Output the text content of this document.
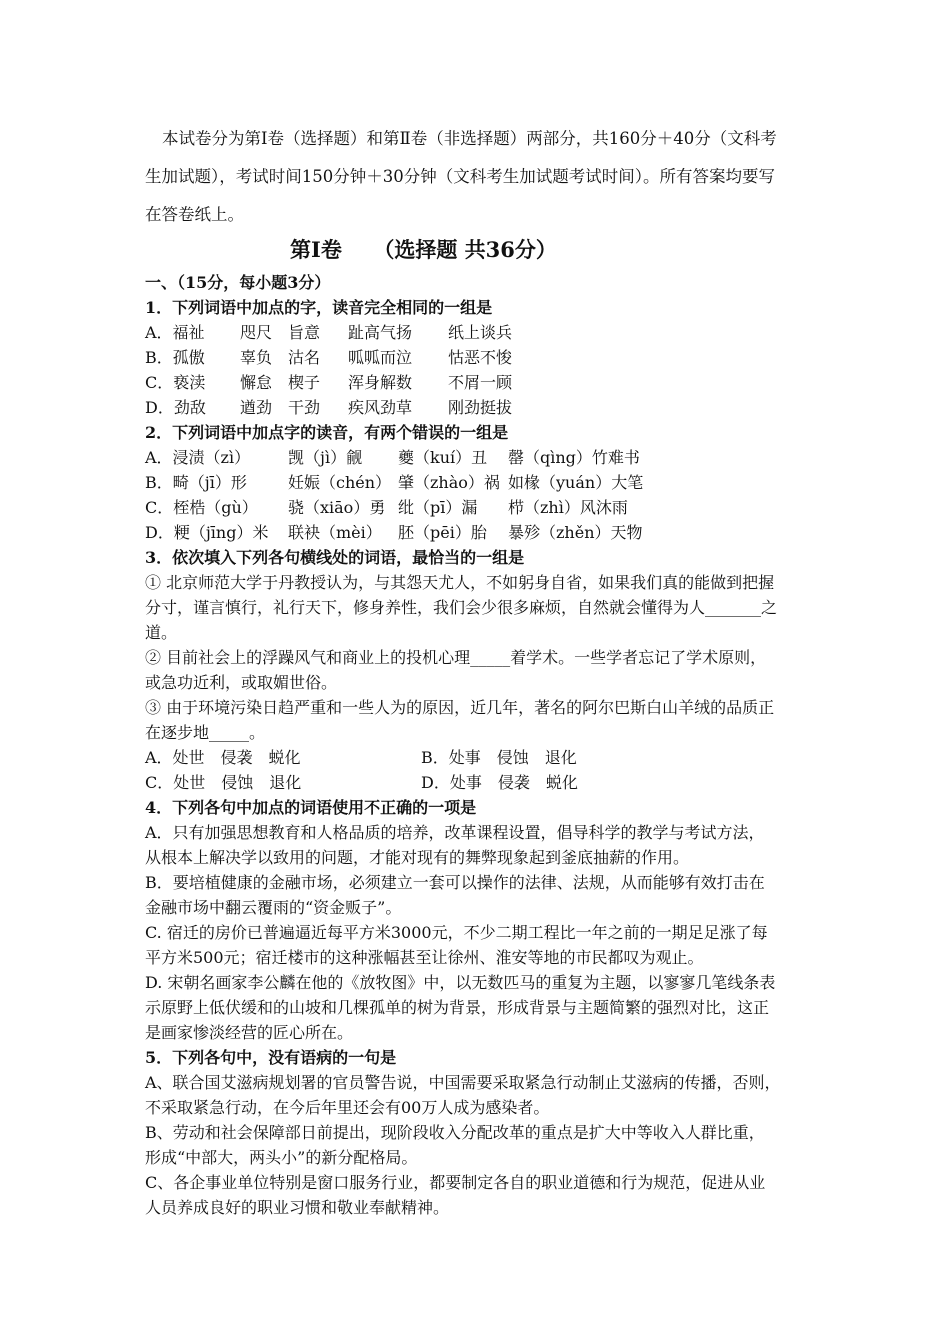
本试卷分为第Ⅰ卷（选择题）和第Ⅱ卷（非选择题）两部分，共160分＋40分（文科考

生加试题），考试时间150分钟＋30分钟（文科考生加试题考试时间）。所有答案均要写

在答卷纸上。

第Ⅰ卷　　（选择题 共36分）
一、（15分，每小题3分）
1．下列词语中加点的字，读音完全相同的一组是
A．福祉 咫尺 旨意 趾高气扬 纸上谈兵
B．孤傲 辜负 沽名 呱呱而泣 怙恶不悛
C．亵渎 懈怠 楔子 浑身解数 不屑一顾
D．劲敌 遒劲 干劲 疾风劲草 刚劲挺拔
2．下列词语中加点字的读音，有两个错误的一组是
A．浸渍（zì） 觊（jì）觎 夔（kuí）丑 罄（qìng）竹难书
B．畸（jī）形	妊娠（chén） 肇（zhào）祸 如椽（yuán）大笔
C．桎梏（gù） 骁（xiāo）勇 纰（pī）漏 栉（zhì）风沐雨
D．粳（jīng）米 联袂（mèi） 胚（pēi）胎 暴殄（zhěn）天物
3．依次填入下列各句横线处的词语，最恰当的一组是
① 北京师范大学于丹教授认为，与其怨天尤人，不如躬身自省，如果我们真的能做到把握
分寸，谨言慎行，礼行天下，修身养性，我们会少很多麻烦，自然就会懂得为人_______之
道。
② 目前社会上的浮躁风气和商业上的投机心理_____着学术。一些学者忘记了学术原则，
或急功近利，或取媚世俗。
③ 由于环境污染日趋严重和一些人为的原因，近几年，著名的阿尔巴斯白山羊绒的品质正
在逐步地_____。
A．处世　侵袭　蜕化	B．处事　侵蚀　退化
C．处世　侵蚀　退化	D．处事　侵袭　蜕化
4．下列各句中加点的词语使用不正确的一项是
A．只有加强思想教育和人格品质的培养，改革课程设置，倡导科学的教学与考试方法，
从根本上解决学以致用的问题，才能对现有的舞弊现象起到釜底抽薪的作用。
B．要培植健康的金融市场，必须建立一套可以操作的法律、法规，从而能够有效打击在
金融市场中翻云覆雨的“资金贩子”。
C. 宿迁的房价已普遍逼近每平方米3000元，不少二期工程比一年之前的一期足足涨了每
平方米500元；宿迁楼市的这种涨幅甚至让徐州、淮安等地的市民都叹为观止。
D. 宋朝名画家李公麟在他的《放牧图》中，以无数匹马的重复为主题，以寥寥几笔线条表
示原野上低伏缓和的山坡和几棵孤单的树为背景，形成背景与主题简繁的强烈对比，这正
是画家惨淡经营的匠心所在。
5．下列各句中，没有语病的一句是
A、联合国艾滋病规划署的官员警告说，中国需要采取紧急行动制止艾滋病的传播，否则，
不采取紧急行动，在今后年里还会有00万人成为感染者。
B、劳动和社会保障部日前提出，现阶段收入分配改革的重点是扩大中等收入人群比重，
形成“中部大，两头小”的新分配格局。
C、各企事业单位特别是窗口服务行业，都要制定各自的职业道德和行为规范，促进从业
人员养成良好的职业习惯和敬业奉献精神。
